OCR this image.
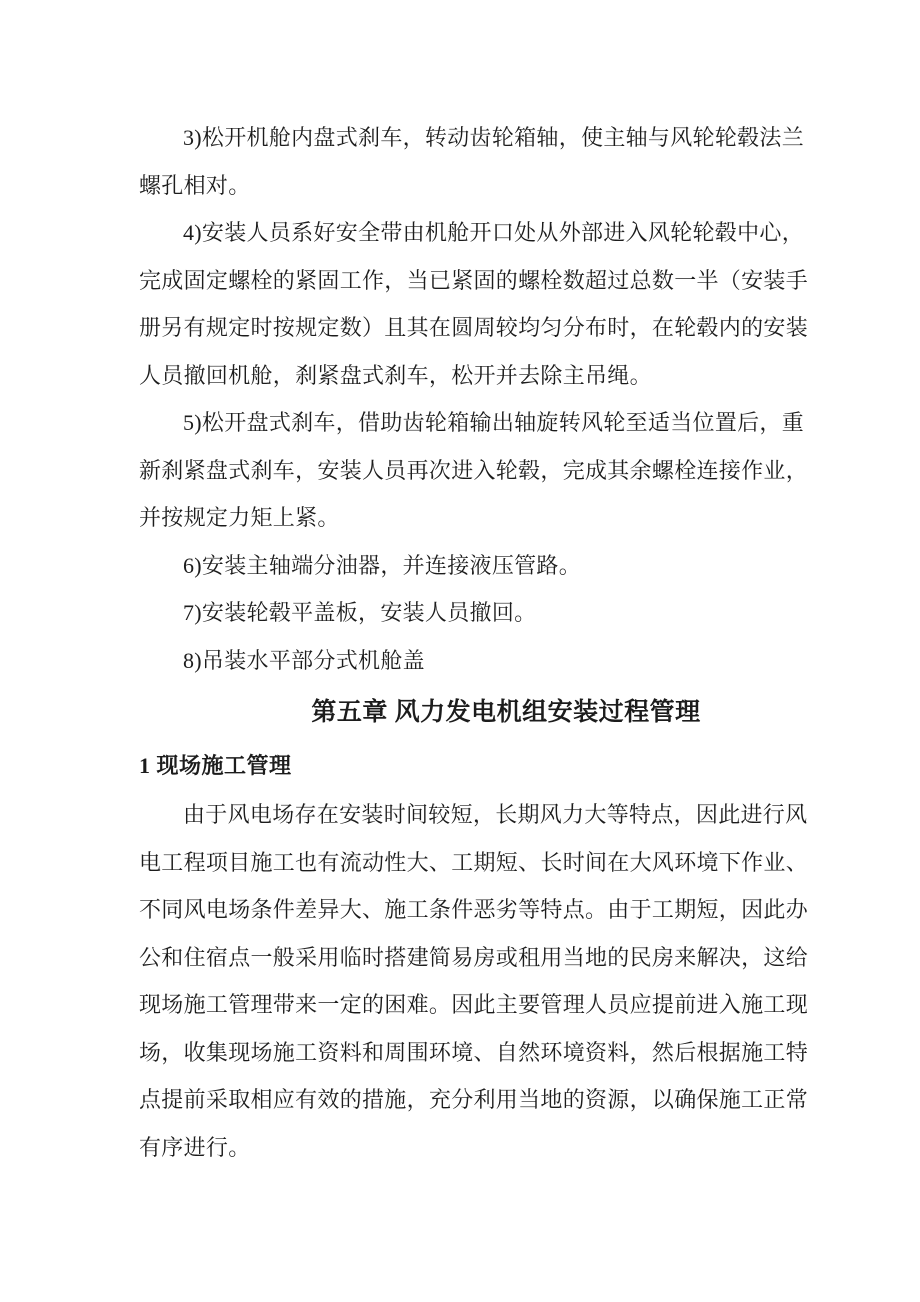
3)松开机舱内盘式刹车，转动齿轮箱轴，使主轴与风轮轮毂法兰
螺孔相对。
4)安装人员系好安全带由机舱开口处从外部进入风轮轮毂中心，
完成固定螺栓的紧固工作，当已紧固的螺栓数超过总数一半（安装手
册另有规定时按规定数）且其在圆周较均匀分布时，在轮毂内的安装
人员撤回机舱，刹紧盘式刹车，松开并去除主吊绳。
5)松开盘式刹车，借助齿轮箱输出轴旋转风轮至适当位置后，重
新刹紧盘式刹车，安装人员再次进入轮毂，完成其余螺栓连接作业，
并按规定力矩上紧。
6)安装主轴端分油器，并连接液压管路。
7)安装轮毂平盖板，安装人员撤回。
8)吊装水平部分式机舱盖
第五章 风力发电机组安装过程管理
1 现场施工管理
由于风电场存在安装时间较短，长期风力大等特点，因此进行风
电工程项目施工也有流动性大、工期短、长时间在大风环境下作业、
不同风电场条件差异大、施工条件恶劣等特点。由于工期短，因此办
公和住宿点一般采用临时搭建简易房或租用当地的民房来解决，这给
现场施工管理带来一定的困难。因此主要管理人员应提前进入施工现
场，收集现场施工资料和周围环境、自然环境资料，然后根据施工特
点提前采取相应有效的措施，充分利用当地的资源，以确保施工正常
有序进行。
